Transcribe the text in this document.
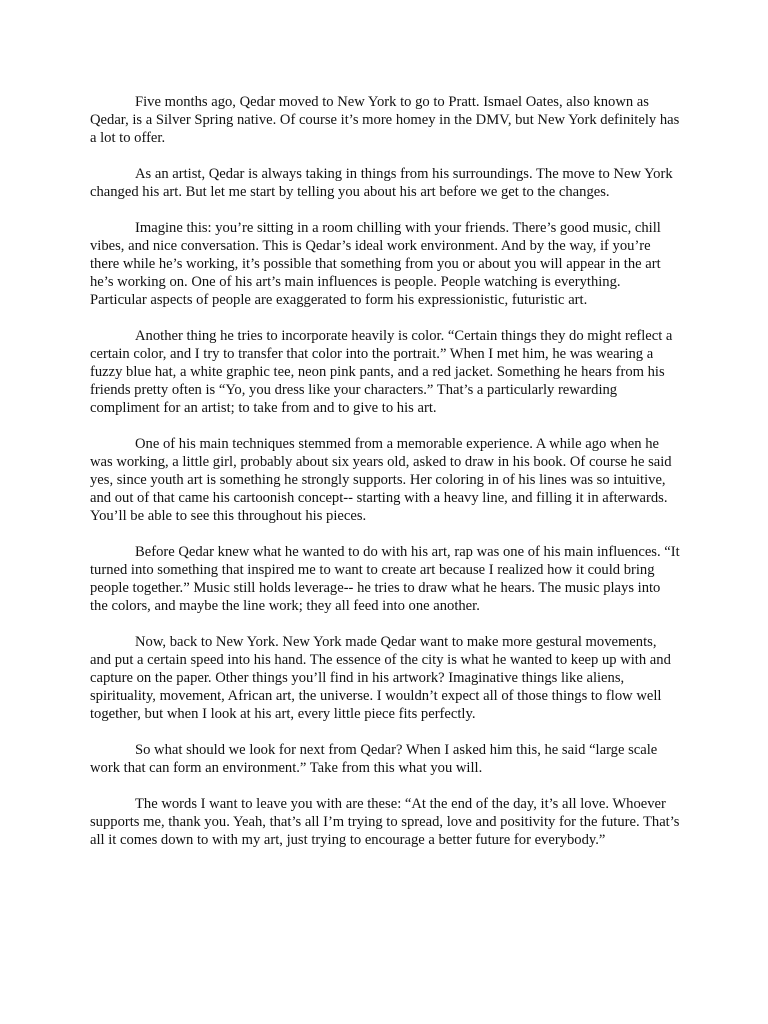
Five months ago, Qedar moved to New York to go to Pratt. Ismael Oates, also known as Qedar, is a Silver Spring native. Of course it’s more homey in the DMV, but New York definitely has a lot to offer.

As an artist, Qedar is always taking in things from his surroundings. The move to New York changed his art. But let me start by telling you about his art before we get to the changes.

Imagine this: you’re sitting in a room chilling with your friends. There’s good music, chill vibes, and nice conversation. This is Qedar’s ideal work environment. And by the way, if you’re there while he’s working, it’s possible that something from you or about you will appear in the art he’s working on. One of his art’s main influences is people. People watching is everything. Particular aspects of people are exaggerated to form his expressionistic, futuristic art.

Another thing he tries to incorporate heavily is color. “Certain things they do might reflect a certain color, and I try to transfer that color into the portrait.” When I met him, he was wearing a fuzzy blue hat, a white graphic tee, neon pink pants, and a red jacket. Something he hears from his friends pretty often is “Yo, you dress like your characters.” That’s a particularly rewarding compliment for an artist; to take from and to give to his art.

One of his main techniques stemmed from a memorable experience. A while ago when he was working, a little girl, probably about six years old, asked to draw in his book. Of course he said yes, since youth art is something he strongly supports. Her coloring in of his lines was so intuitive, and out of that came his cartoonish concept-- starting with a heavy line, and filling it in afterwards. You’ll be able to see this throughout his pieces.

Before Qedar knew what he wanted to do with his art, rap was one of his main influences. “It turned into something that inspired me to want to create art because I realized how it could bring people together.” Music still holds leverage-- he tries to draw what he hears. The music plays into the colors, and maybe the line work; they all feed into one another.

Now, back to New York. New York made Qedar want to make more gestural movements, and put a certain speed into his hand. The essence of the city is what he wanted to keep up with and capture on the paper. Other things you’ll find in his artwork? Imaginative things like aliens, spirituality, movement, African art, the universe. I wouldn’t expect all of those things to flow well together, but when I look at his art, every little piece fits perfectly.

So what should we look for next from Qedar? When I asked him this, he said “large scale work that can form an environment.” Take from this what you will.

The words I want to leave you with are these: “At the end of the day, it’s all love. Whoever supports me, thank you. Yeah, that’s all I’m trying to spread, love and positivity for the future. That’s all it comes down to with my art, just trying to encourage a better future for everybody.”
